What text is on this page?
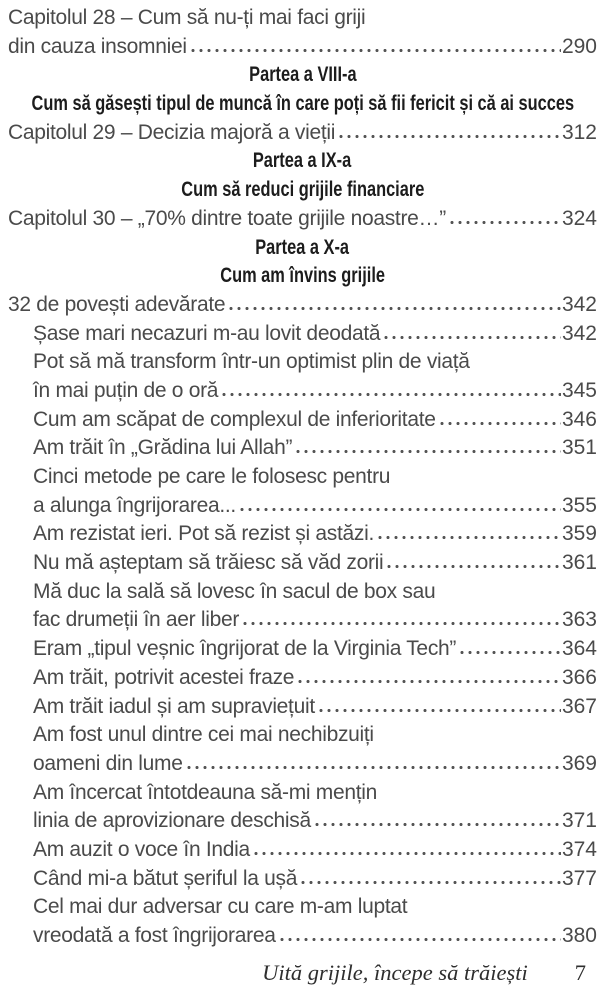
Capitolul 28 – Cum să nu-ți mai faci griji
din cauza insomniei	290
Partea a VIII-a
Cum să găsești tipul de muncă în care poți să fii fericit și că ai succes
Capitolul 29 – Decizia majoră a vieții	312
Partea a IX-a
Cum să reduci grijile financiare
Capitolul 30 – „70% dintre toate grijile noastre…”	324
Partea a X-a
Cum am învins grijile
32 de povești adevărate	342
Șase mari necazuri m-au lovit deodată	342
Pot să mă transform într-un optimist plin de viață
în mai puțin de o oră	345
Cum am scăpat de complexul de inferioritate	346
Am trăit în „Grădina lui Allah”	351
Cinci metode pe care le folosesc pentru
a alunga îngrijorarea...	355
Am rezistat ieri. Pot să rezist și astăzi.	359
Nu mă așteptam să trăiesc să văd zorii	361
Mă duc la sală să lovesc în sacul de box sau
fac drumeții în aer liber	363
Eram „tipul veșnic îngrijorat de la Virginia Tech”	364
Am trăit, potrivit acestei fraze	366
Am trăit iadul și am supraviețuit	367
Am fost unul dintre cei mai nechibzuiți
oameni din lume	369
Am încercat întotdeauna să-mi mențin
linia de aprovizionare deschisă	371
Am auzit o voce în India	374
Când mi-a bătut șeriful la ușă	377
Cel mai dur adversar cu care m-am luptat
vreodată a fost îngrijorarea	380
Uită grijile, începe să trăiești 7
